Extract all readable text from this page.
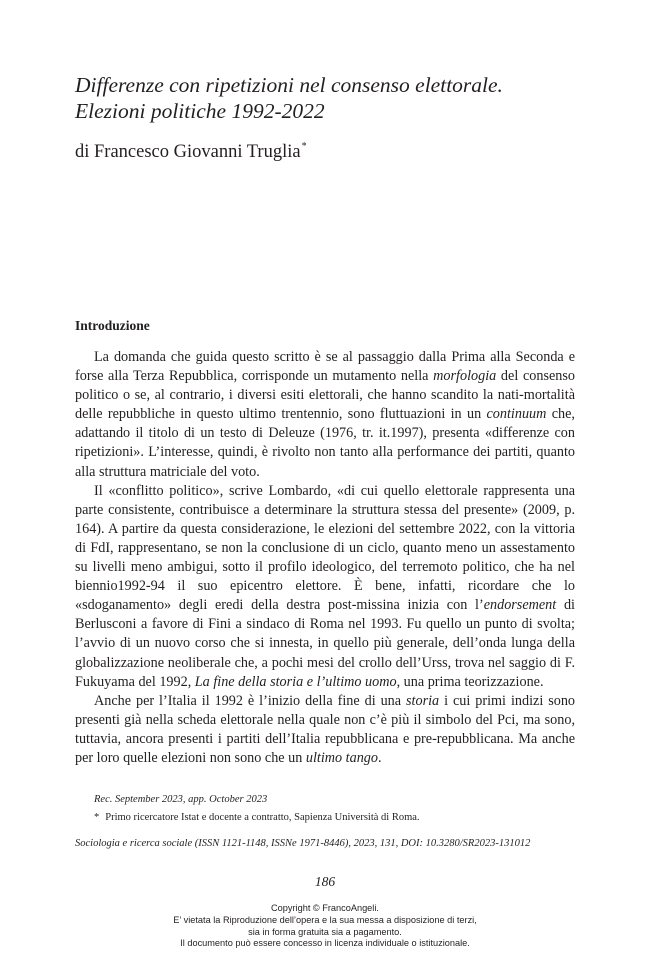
Differenze con ripetizioni nel consenso elettorale.
Elezioni politiche 1992-2022
di Francesco Giovanni Truglia*
Introduzione

La domanda che guida questo scritto è se al passaggio dalla Prima alla Seconda e forse alla Terza Repubblica, corrisponde un mutamento nella morfologia del consenso politico o se, al contrario, i diversi esiti elettorali, che hanno scandito la nati-mortalità delle repubbliche in questo ultimo trentennio, sono fluttuazioni in un continuum che, adattando il titolo di un testo di Deleuze (1976, tr. it.1997), presenta «differenze con ripetizioni». L’interesse, quindi, è rivolto non tanto alla performance dei partiti, quanto alla struttura matriciale del voto.

Il «conflitto politico», scrive Lombardo, «di cui quello elettorale rappresenta una parte consistente, contribuisce a determinare la struttura stessa del presente» (2009, p. 164). A partire da questa considerazione, le elezioni del settembre 2022, con la vittoria di FdI, rappresentano, se non la conclusione di un ciclo, quanto meno un assestamento su livelli meno ambigui, sotto il profilo ideologico, del terremoto politico, che ha nel biennio1992-94 il suo epicentro elettore. È bene, infatti, ricordare che lo «sdoganamento» degli eredi della destra post-missina inizia con l’endorsement di Berlusconi a favore di Fini a sindaco di Roma nel 1993. Fu quello un punto di svolta; l’avvio di un nuovo corso che si innesta, in quello più generale, dell’onda lunga della globalizzazione neoliberale che, a pochi mesi del crollo dell’Urss, trova nel saggio di F. Fukuyama del 1992, La fine della storia e l’ultimo uomo, una prima teorizzazione.

Anche per l’Italia il 1992 è l’inizio della fine di una storia i cui primi indizi sono presenti già nella scheda elettorale nella quale non c’è più il simbolo del Pci, ma sono, tuttavia, ancora presenti i partiti dell’Italia repubblicana e pre-repubblicana. Ma anche per loro quelle elezioni non sono che un ultimo tango.

Rec. September 2023, app. October 2023
* Primo ricercatore Istat e docente a contratto, Sapienza Università di Roma.
Sociologia e ricerca sociale (ISSN 1121-1148, ISSNe 1971-8446), 2023, 131, DOI: 10.3280/SR2023-131012
186
Copyright © FrancoAngeli.
E’ vietata la Riproduzione dell’opera e la sua messa a disposizione di terzi,
sia in forma gratuita sia a pagamento.
Il documento può essere concesso in licenza individuale o istituzionale.
